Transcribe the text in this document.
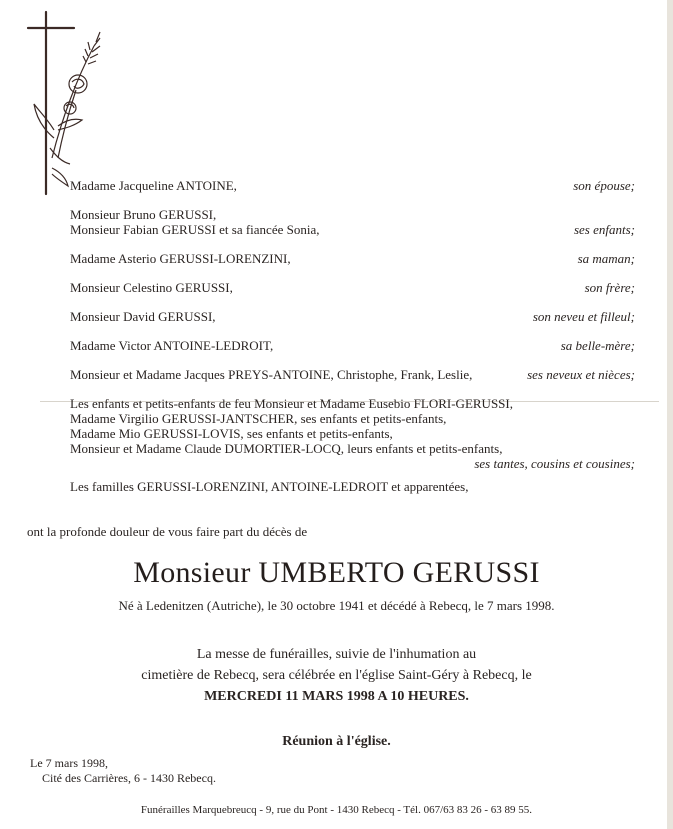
Madame Jacqueline ANTOINE,	son épouse;
Monsieur Bruno GERUSSI,
Monsieur Fabian GERUSSI et sa fiancée Sonia,	ses enfants;
Madame Asterio GERUSSI-LORENZINI,	sa maman;
Monsieur Celestino GERUSSI,	son frère;
Monsieur David GERUSSI,	son neveu et filleul;
Madame Victor ANTOINE-LEDROIT,	sa belle-mère;
Monsieur et Madame Jacques PREYS-ANTOINE, Christophe, Frank, Leslie,	ses neveux et nièces;
Les enfants et petits-enfants de feu Monsieur et Madame Eusebio FLORI-GERUSSI,
Madame Virgilio GERUSSI-JANTSCHER, ses enfants et petits-enfants,
Madame Mio GERUSSI-LOVIS, ses enfants et petits-enfants,
Monsieur et Madame Claude DUMORTIER-LOCQ, leurs enfants et petits-enfants,
ses tantes, cousins et cousines;
Les familles GERUSSI-LORENZINI, ANTOINE-LEDROIT et apparentées,
ont la profonde douleur de vous faire part du décès de
Monsieur UMBERTO GERUSSI
Né à Ledenitzen (Autriche), le 30 octobre 1941 et décédé à Rebecq, le 7 mars 1998.
La messe de funérailles, suivie de l'inhumation au
cimetière de Rebecq, sera célébrée en l'église Saint-Géry à Rebecq, le
MERCREDI 11 MARS 1998 A 10 HEURES.
Réunion à l'église.
Le 7 mars 1998,
Cité des Carrières, 6 - 1430 Rebecq.
Funérailles Marquebreucq - 9, rue du Pont - 1430 Rebecq - Tél. 067/63 83 26 - 63 89 55.
